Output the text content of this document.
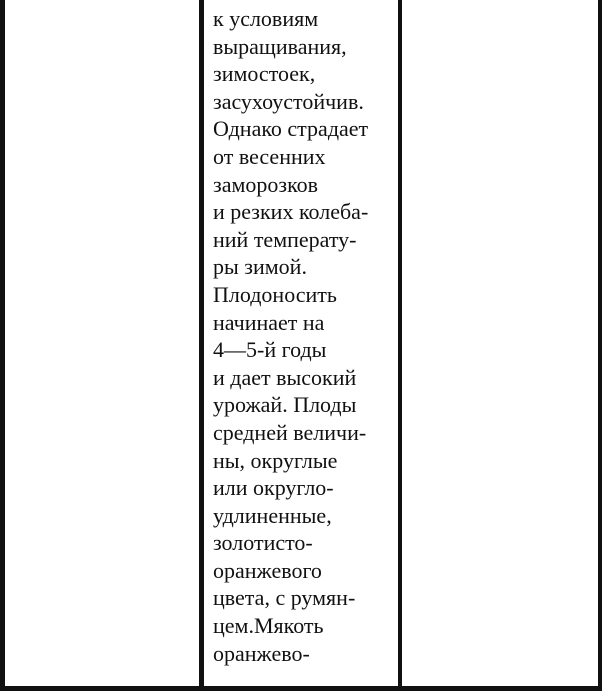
к условиям
выращивания,
зимостоек,
засухоустойчив.
Однако страдает
от весенних
заморозков
и резких колеба-
ний температу-
ры зимой.
Плодоносить
начинает на
4—5-й годы
и дает высокий
урожай. Плоды
средней величи-
ны, округлые
или округло-
удлиненные,
золотисто-
оранжевого
цвета, с румян-
цем.Мякоть
оранжево-
